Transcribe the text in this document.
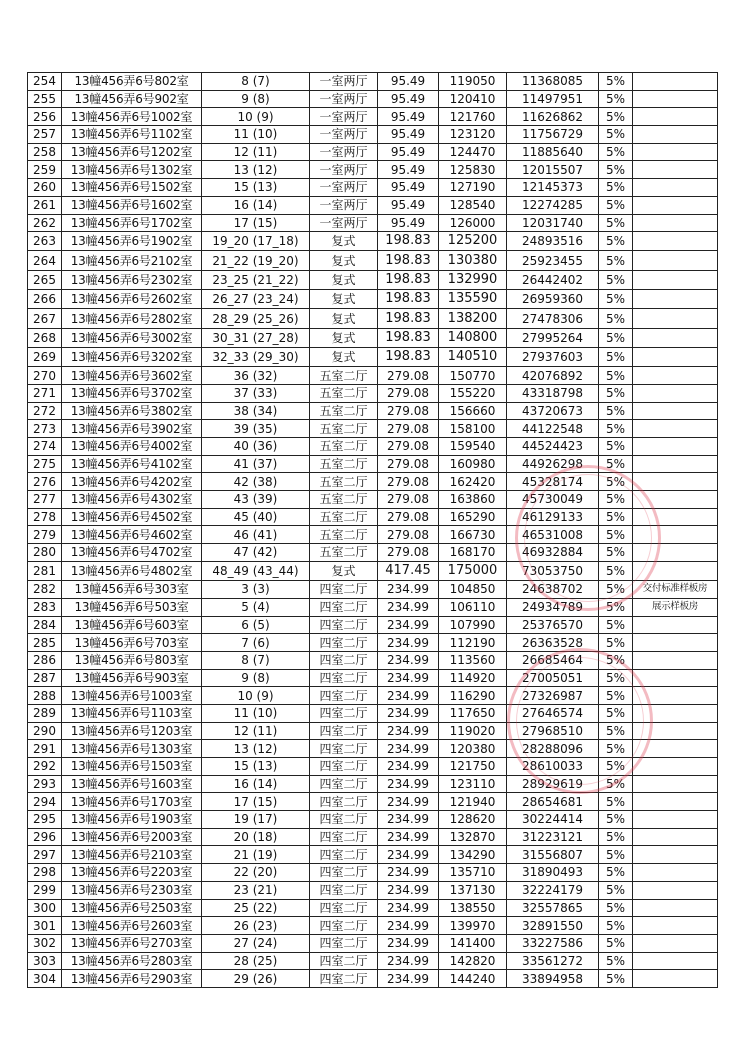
254	13幢456弄6号802室	8 (7)	一室两厅	95.49	119050	11368085	5%	
255	13幢456弄6号902室	9 (8)	一室两厅	95.49	120410	11497951	5%	
256	13幢456弄6号1002室	10 (9)	一室两厅	95.49	121760	11626862	5%	
257	13幢456弄6号1102室	11 (10)	一室两厅	95.49	123120	11756729	5%	
258	13幢456弄6号1202室	12 (11)	一室两厅	95.49	124470	11885640	5%	
259	13幢456弄6号1302室	13 (12)	一室两厅	95.49	125830	12015507	5%	
260	13幢456弄6号1502室	15 (13)	一室两厅	95.49	127190	12145373	5%	
261	13幢456弄6号1602室	16 (14)	一室两厅	95.49	128540	12274285	5%	
262	13幢456弄6号1702室	17 (15)	一室两厅	95.49	126000	12031740	5%	
263	13幢456弄6号1902室	19_20 (17_18)	复式	198.83	125200	24893516	5%	
264	13幢456弄6号2102室	21_22 (19_20)	复式	198.83	130380	25923455	5%	
265	13幢456弄6号2302室	23_25 (21_22)	复式	198.83	132990	26442402	5%	
266	13幢456弄6号2602室	26_27 (23_24)	复式	198.83	135590	26959360	5%	
267	13幢456弄6号2802室	28_29 (25_26)	复式	198.83	138200	27478306	5%	
268	13幢456弄6号3002室	30_31 (27_28)	复式	198.83	140800	27995264	5%	
269	13幢456弄6号3202室	32_33 (29_30)	复式	198.83	140510	27937603	5%	
270	13幢456弄6号3602室	36 (32)	五室二厅	279.08	150770	42076892	5%	
271	13幢456弄6号3702室	37 (33)	五室二厅	279.08	155220	43318798	5%	
272	13幢456弄6号3802室	38 (34)	五室二厅	279.08	156660	43720673	5%	
273	13幢456弄6号3902室	39 (35)	五室二厅	279.08	158100	44122548	5%	
274	13幢456弄6号4002室	40 (36)	五室二厅	279.08	159540	44524423	5%	
275	13幢456弄6号4102室	41 (37)	五室二厅	279.08	160980	44926298	5%	
276	13幢456弄6号4202室	42 (38)	五室二厅	279.08	162420	45328174	5%	
277	13幢456弄6号4302室	43 (39)	五室二厅	279.08	163860	45730049	5%	
278	13幢456弄6号4502室	45 (40)	五室二厅	279.08	165290	46129133	5%	
279	13幢456弄6号4602室	46 (41)	五室二厅	279.08	166730	46531008	5%	
280	13幢456弄6号4702室	47 (42)	五室二厅	279.08	168170	46932884	5%	
281	13幢456弄6号4802室	48_49 (43_44)	复式	417.45	175000	73053750	5%	
282	13幢456弄6号303室	3 (3)	四室二厅	234.99	104850	24638702	5%	交付标准样板房
283	13幢456弄6号503室	5 (4)	四室二厅	234.99	106110	24934789	5%	展示样板房
284	13幢456弄6号603室	6 (5)	四室二厅	234.99	107990	25376570	5%	
285	13幢456弄6号703室	7 (6)	四室二厅	234.99	112190	26363528	5%	
286	13幢456弄6号803室	8 (7)	四室二厅	234.99	113560	26685464	5%	
287	13幢456弄6号903室	9 (8)	四室二厅	234.99	114920	27005051	5%	
288	13幢456弄6号1003室	10 (9)	四室二厅	234.99	116290	27326987	5%	
289	13幢456弄6号1103室	11 (10)	四室二厅	234.99	117650	27646574	5%	
290	13幢456弄6号1203室	12 (11)	四室二厅	234.99	119020	27968510	5%	
291	13幢456弄6号1303室	13 (12)	四室二厅	234.99	120380	28288096	5%	
292	13幢456弄6号1503室	15 (13)	四室二厅	234.99	121750	28610033	5%	
293	13幢456弄6号1603室	16 (14)	四室二厅	234.99	123110	28929619	5%	
294	13幢456弄6号1703室	17 (15)	四室二厅	234.99	121940	28654681	5%	
295	13幢456弄6号1903室	19 (17)	四室二厅	234.99	128620	30224414	5%	
296	13幢456弄6号2003室	20 (18)	四室二厅	234.99	132870	31223121	5%	
297	13幢456弄6号2103室	21 (19)	四室二厅	234.99	134290	31556807	5%	
298	13幢456弄6号2203室	22 (20)	四室二厅	234.99	135710	31890493	5%	
299	13幢456弄6号2303室	23 (21)	四室二厅	234.99	137130	32224179	5%	
300	13幢456弄6号2503室	25 (22)	四室二厅	234.99	138550	32557865	5%	
301	13幢456弄6号2603室	26 (23)	四室二厅	234.99	139970	32891550	5%	
302	13幢456弄6号2703室	27 (24)	四室二厅	234.99	141400	33227586	5%	
303	13幢456弄6号2803室	28 (25)	四室二厅	234.99	142820	33561272	5%	
304	13幢456弄6号2903室	29 (26)	四室二厅	234.99	144240	33894958	5%	
